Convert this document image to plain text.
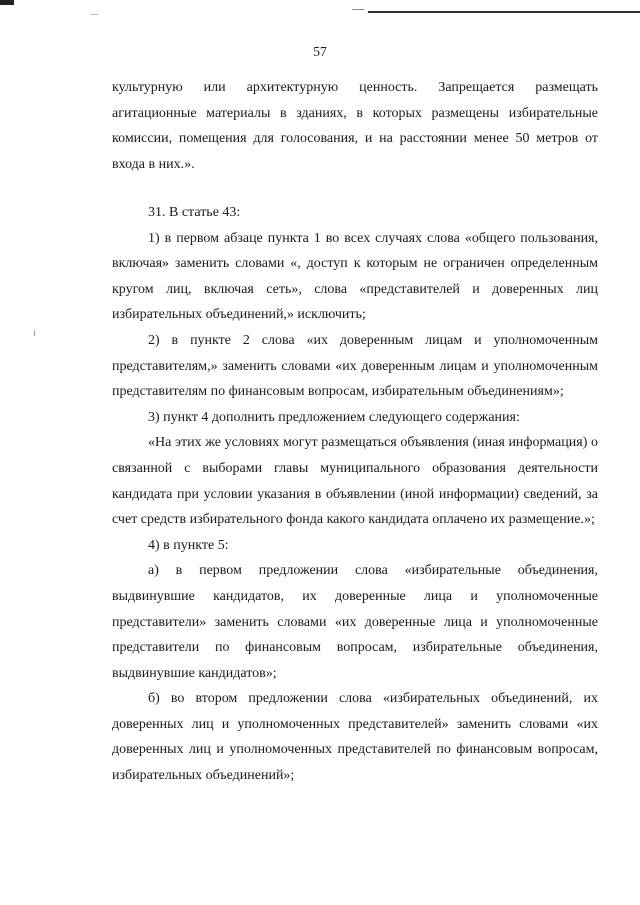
57

культурную или архитектурную ценность. Запрещается размещать агитационные материалы в зданиях, в которых размещены избирательные комиссии, помещения для голосования, и на расстоянии менее 50 метров от входа в них.».

31. В статье 43:

1) в первом абзаце пункта 1 во всех случаях слова «общего пользования, включая» заменить словами «, доступ к которым не ограничен определенным кругом лиц, включая сеть», слова «представителей и доверенных лиц избирательных объединений,» исключить;

2) в пункте 2 слова «их доверенным лицам и уполномоченным представителям,» заменить словами «их доверенным лицам и уполномоченным представителям по финансовым вопросам, избирательным объединениям»;

3) пункт 4 дополнить предложением следующего содержания:

«На этих же условиях могут размещаться объявления (иная информация) о связанной с выборами главы муниципального образования деятельности кандидата при условии указания в объявлении (иной информации) сведений, за счет средств избирательного фонда какого кандидата оплачено их размещение.»;

4) в пункте 5:

а) в первом предложении слова «избирательные объединения, выдвинувшие кандидатов, их доверенные лица и уполномоченные представители» заменить словами «их доверенные лица и уполномоченные представители по финансовым вопросам, избирательные объединения, выдвинувшие кандидатов»;

б) во втором предложении слова «избирательных объединений, их доверенных лиц и уполномоченных представителей» заменить словами «их доверенных лиц и уполномоченных представителей по финансовым вопросам, избирательных объединений»;
